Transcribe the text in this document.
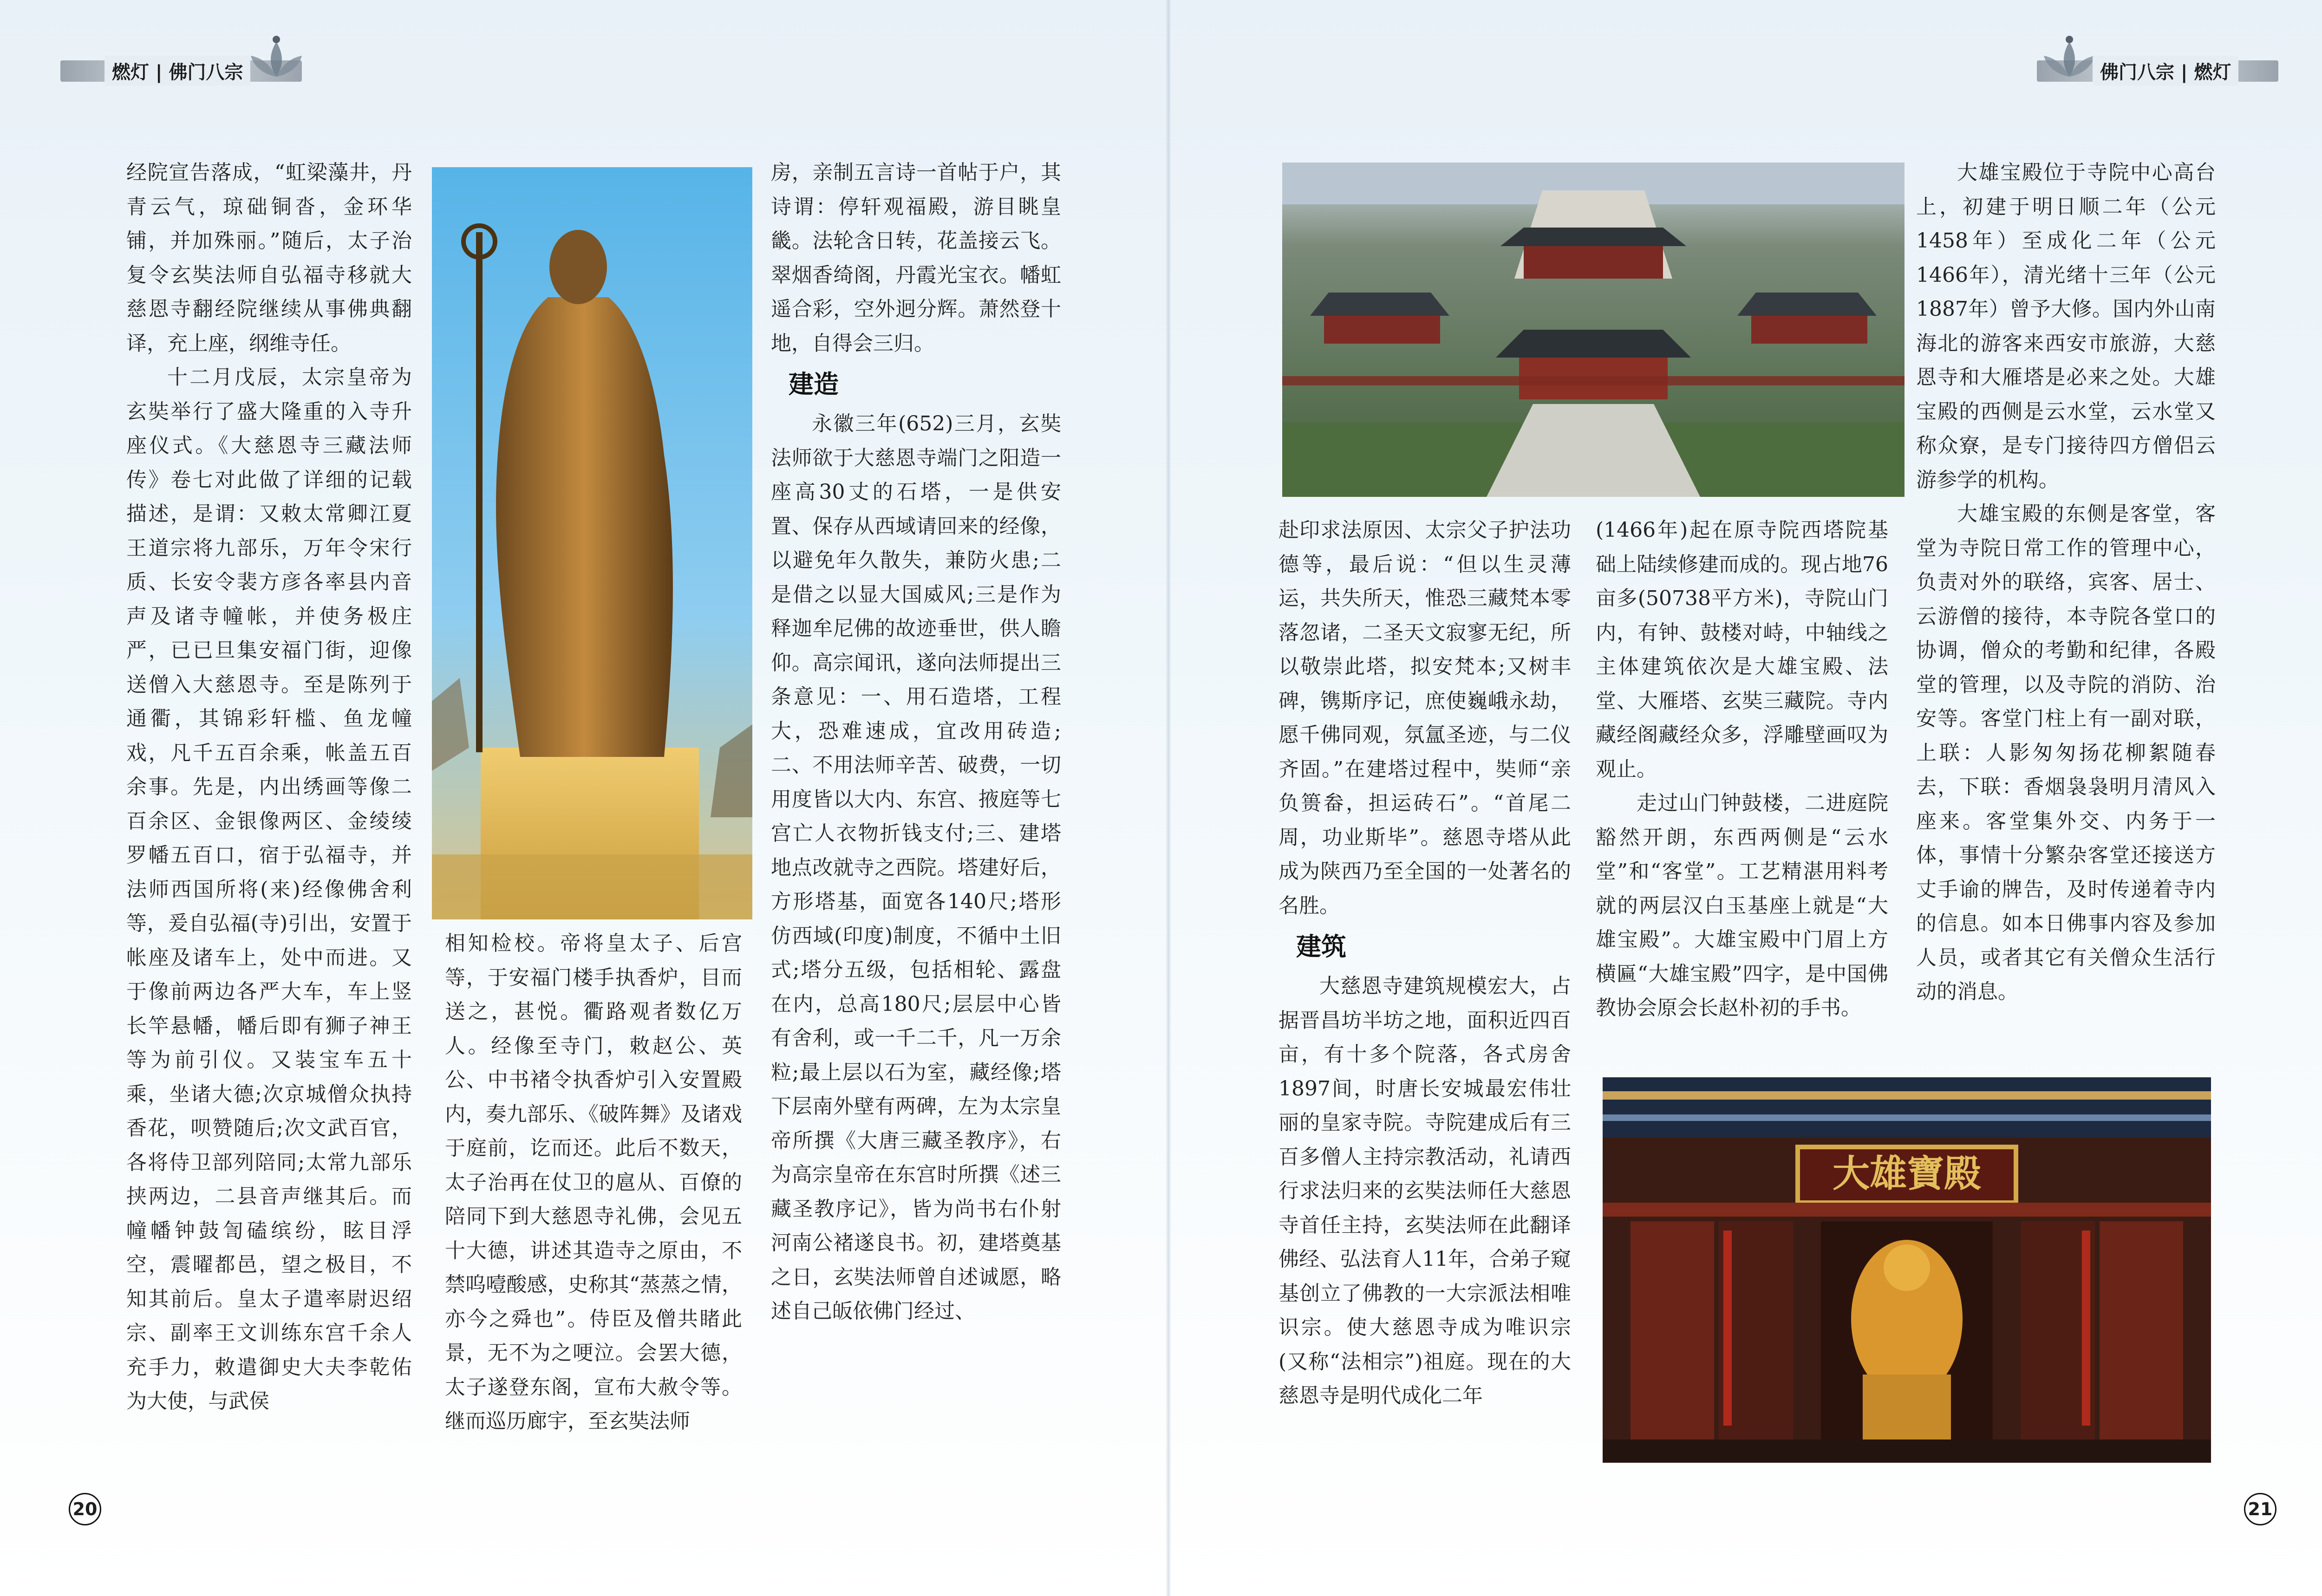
燃灯 | 佛门八宗

经院宣告落成，“虹梁藻井，丹青云气，琼础铜沓，金环华铺，并加殊丽。”随后，太子治复令玄奘法师自弘福寺移就大慈恩寺翻经院继续从事佛典翻译，充上座，纲维寺任。

十二月戊辰，太宗皇帝为玄奘举行了盛大隆重的入寺升座仪式。《大慈恩寺三藏法师传》卷七对此做了详细的记载描述，是谓：又敕太常卿江夏王道宗将九部乐，万年令宋行质、长安令裴方彦各率县内音声及诸寺幢帐，并使务极庄严，已已旦集安福门街，迎像送僧入大慈恩寺。至是陈列于通衢，其锦彩轩槛、鱼龙幢戏，凡千五百余乘，帐盖五百余事。先是，内出绣画等像二百余区、金银像两区、金绫绫罗幡五百口，宿于弘福寺，并法师西国所将(来)经像佛舍利等，爰自弘福(寺)引出，安置于帐座及诸车上，处中而进。又于像前两边各严大车，车上竖长竿悬幡，幡后即有狮子神王等为前引仪。又装宝车五十乘，坐诸大德;次京城僧众执持香花，呗赞随后;次文武百官，各将侍卫部列陪同;太常九部乐挟两边，二县音声继其后。而幢幡钟鼓訇磕缤纷，眩目浮空，震曜都邑，望之极目，不知其前后。皇太子遣率尉迟绍宗、副率王文训练东宫千余人充手力，敕遣御史大夫李乾佑为大使，与武侯

相知检校。帝将皇太子、后宫等，于安福门楼手执香炉，目而送之，甚悦。衢路观者数亿万人。经像至寺门，敕赵公、英公、中书褚令执香炉引入安置殿内，奏九部乐、《破阵舞》及诸戏于庭前，讫而还。此后不数天，太子治再在仗卫的扈从、百僚的陪同下到大慈恩寺礼佛，会见五十大德，讲述其造寺之原由，不禁呜噎酸感，史称其“蒸蒸之情，亦今之舜也”。侍臣及僧共睹此景，无不为之哽泣。会罢大德，太子遂登东阁，宣布大赦令等。继而巡历廊宇，至玄奘法师

房，亲制五言诗一首帖于户，其诗谓：停轩观福殿，游目眺皇畿。法轮含日转，花盖接云飞。翠烟香绮阁，丹霞光宝衣。幡虹遥合彩，空外迥分辉。萧然登十地，自得会三归。

建造

永徽三年(652)三月，玄奘法师欲于大慈恩寺端门之阳造一座高30丈的石塔，一是供安置、保存从西域请回来的经像，以避免年久散失，兼防火患;二是借之以显大国威风;三是作为释迦牟尼佛的故迹垂世，供人瞻仰。高宗闻讯，遂向法师提出三条意见：一、用石造塔，工程大，恐难速成，宜改用砖造;二、不用法师辛苦、破费，一切用度皆以大内、东宫、掖庭等七宫亡人衣物折钱支付;三、建塔地点改就寺之西院。塔建好后，方形塔基，面宽各140尺;塔形仿西域(印度)制度，不循中土旧式;塔分五级，包括相轮、露盘在内，总高180尺;层层中心皆有舍利，或一千二千，凡一万余粒;最上层以石为室，藏经像;塔下层南外壁有两碑，左为太宗皇帝所撰《大唐三藏圣教序》，右为高宗皇帝在东宫时所撰《述三藏圣教序记》，皆为尚书右仆射河南公褚遂良书。初，建塔奠基之日，玄奘法师曾自述诚愿，略述自己皈依佛门经过、

20
佛门八宗 | 燃灯

赴印求法原因、太宗父子护法功德等，最后说：“但以生灵薄运，共失所天，惟恐三藏梵本零落忽诸，二圣天文寂寥无纪，所以敬崇此塔，拟安梵本;又树丰碑，镌斯序记，庶使巍峨永劫，愿千佛同观，氛氲圣迹，与二仪齐固。”在建塔过程中，奘师“亲负篑畚，担运砖石”。“首尾二周，功业斯毕”。慈恩寺塔从此成为陕西乃至全国的一处著名的名胜。

建筑

大慈恩寺建筑规模宏大，占据晋昌坊半坊之地，面积近四百亩，有十多个院落，各式房舍1897间，时唐长安城最宏伟壮丽的皇家寺院。寺院建成后有三百多僧人主持宗教活动，礼请西行求法归来的玄奘法师任大慈恩寺首任主持，玄奘法师在此翻译佛经、弘法育人11年，合弟子窥基创立了佛教的一大宗派法相唯识宗。使大慈恩寺成为唯识宗(又称“法相宗”)祖庭。现在的大慈恩寺是明代成化二年

(1466年)起在原寺院西塔院基础上陆续修建而成的。现占地76亩多(50738平方米)，寺院山门内，有钟、鼓楼对峙，中轴线之主体建筑依次是大雄宝殿、法堂、大雁塔、玄奘三藏院。寺内藏经阁藏经众多，浮雕壁画叹为观止。

走过山门钟鼓楼，二进庭院豁然开朗，东西两侧是“云水堂”和“客堂”。工艺精湛用料考就的两层汉白玉基座上就是“大雄宝殿”。大雄宝殿中门眉上方横匾“大雄宝殿”四字，是中国佛教协会原会长赵朴初的手书。

大雄宝殿位于寺院中心高台上，初建于明日顺二年（公元1458年）至成化二年（公元1466年），清光绪十三年（公元1887年）曾予大修。国内外山南海北的游客来西安市旅游，大慈恩寺和大雁塔是必来之处。大雄宝殿的西侧是云水堂，云水堂又称众寮，是专门接待四方僧侣云游参学的机构。

大雄宝殿的东侧是客堂，客堂为寺院日常工作的管理中心，负责对外的联络，宾客、居士、云游僧的接待，本寺院各堂口的协调，僧众的考勤和纪律，各殿堂的管理，以及寺院的消防、治安等。客堂门柱上有一副对联，上联：人影匆匆扬花柳絮随春去，下联：香烟袅袅明月清风入座来。客堂集外交、内务于一体，事情十分繁杂客堂还接送方丈手谕的牌告，及时传递着寺内的信息。如本日佛事内容及参加人员，或者其它有关僧众生活行动的消息。

大雄寶殿
21
